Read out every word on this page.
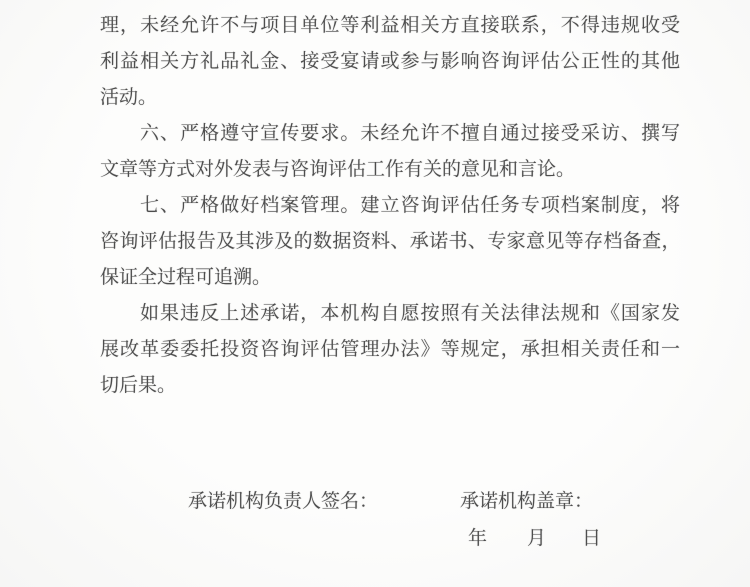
理，未经允许不与项目单位等利益相关方直接联系，不得违规收受
利益相关方礼品礼金、接受宴请或参与影响咨询评估公正性的其他
活动。
六、严格遵守宣传要求。未经允许不擅自通过接受采访、撰写
文章等方式对外发表与咨询评估工作有关的意见和言论。
七、严格做好档案管理。建立咨询评估任务专项档案制度，将
咨询评估报告及其涉及的数据资料、承诺书、专家意见等存档备查，
保证全过程可追溯。
如果违反上述承诺，本机构自愿按照有关法律法规和《国家发
展改革委委托投资咨询评估管理办法》等规定，承担相关责任和一
切后果。
承诺机构负责人签名：	承诺机构盖章：
年 月 日
